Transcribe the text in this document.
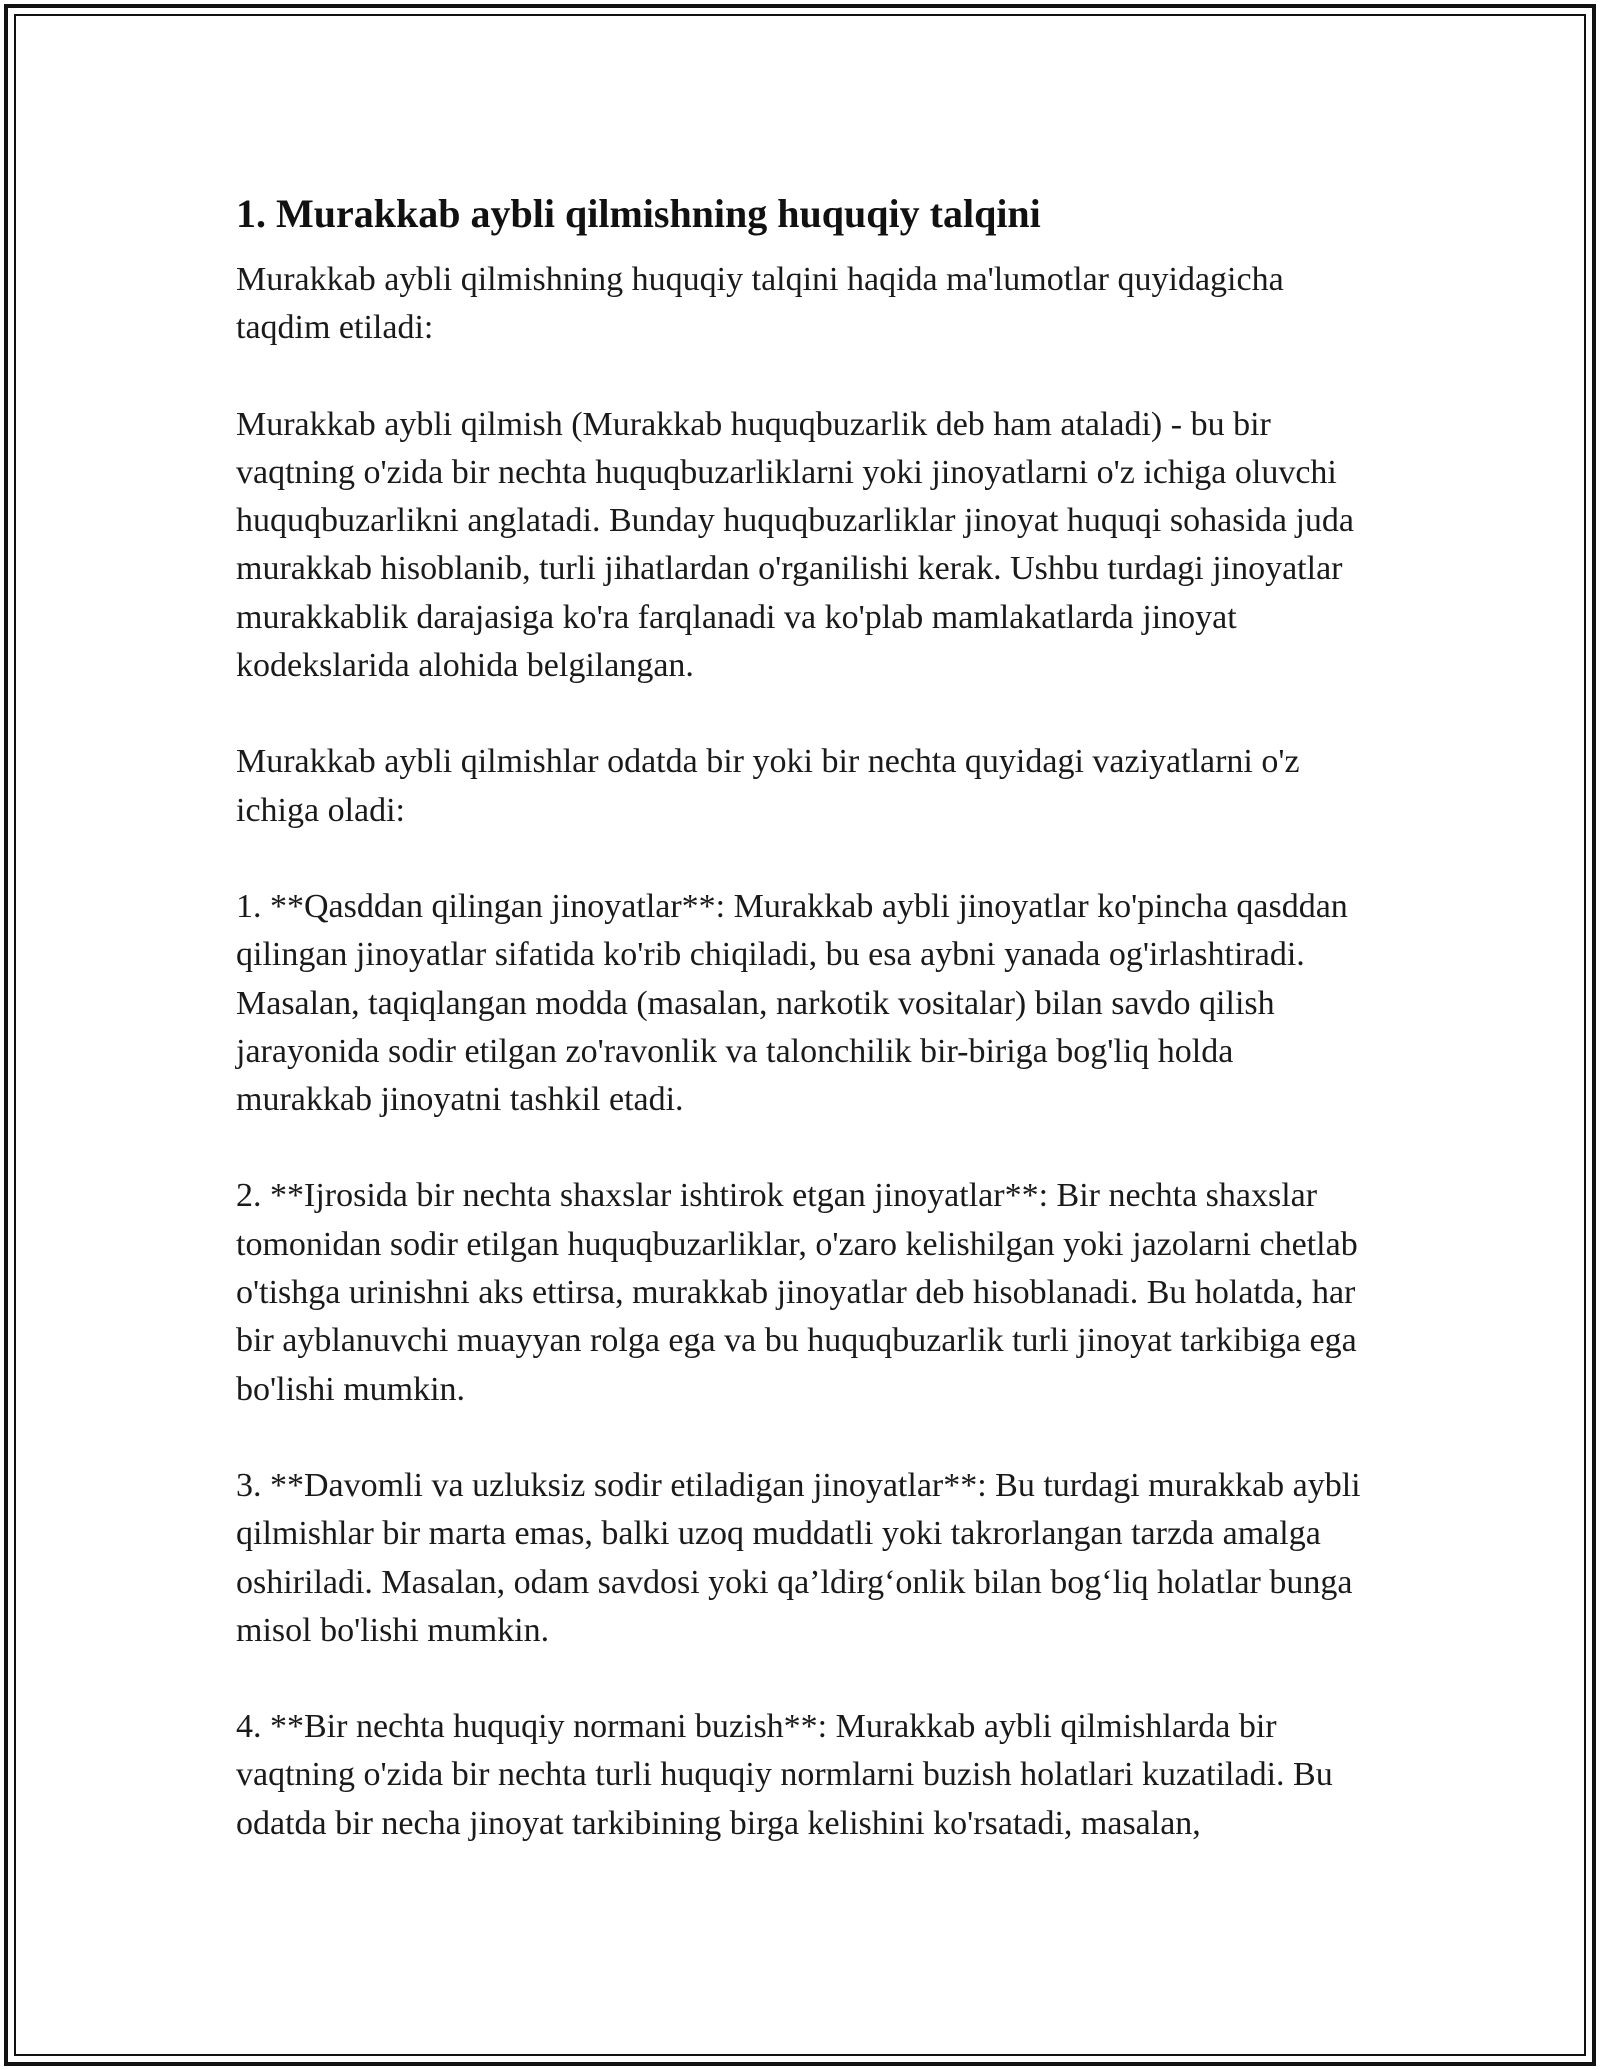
1. Murakkab aybli qilmishning huquqiy talqini

Murakkab aybli qilmishning huquqiy talqini haqida ma'lumotlar quyidagicha taqdim etiladi:

Murakkab aybli qilmish (Murakkab huquqbuzarlik deb ham ataladi) - bu bir vaqtning o'zida bir nechta huquqbuzarliklarni yoki jinoyatlarni o'z ichiga oluvchi huquqbuzarlikni anglatadi. Bunday huquqbuzarliklar jinoyat huquqi sohasida juda murakkab hisoblanib, turli jihatlardan o'rganilishi kerak. Ushbu turdagi jinoyatlar murakkablik darajasiga ko'ra farqlanadi va ko'plab mamlakatlarda jinoyat kodekslarida alohida belgilangan.

Murakkab aybli qilmishlar odatda bir yoki bir nechta quyidagi vaziyatlarni o'z ichiga oladi:

1. **Qasddan qilingan jinoyatlar**: Murakkab aybli jinoyatlar ko'pincha qasddan qilingan jinoyatlar sifatida ko'rib chiqiladi, bu esa aybni yanada og'irlashtiradi. Masalan, taqiqlangan modda (masalan, narkotik vositalar) bilan savdo qilish jarayonida sodir etilgan zo'ravonlik va talonchilik bir-biriga bog'liq holda murakkab jinoyatni tashkil etadi.

2. **Ijrosida bir nechta shaxslar ishtirok etgan jinoyatlar**: Bir nechta shaxslar tomonidan sodir etilgan huquqbuzarliklar, o'zaro kelishilgan yoki jazolarni chetlab o'tishga urinishni aks ettirsa, murakkab jinoyatlar deb hisoblanadi. Bu holatda, har bir ayblanuvchi muayyan rolga ega va bu huquqbuzarlik turli jinoyat tarkibiga ega bo'lishi mumkin.

3. **Davomli va uzluksiz sodir etiladigan jinoyatlar**: Bu turdagi murakkab aybli qilmishlar bir marta emas, balki uzoq muddatli yoki takrorlangan tarzda amalga oshiriladi. Masalan, odam savdosi yoki qa’ldirg‘onlik bilan bog‘liq holatlar bunga misol bo'lishi mumkin.

4. **Bir nechta huquqiy normani buzish**: Murakkab aybli qilmishlarda bir vaqtning o'zida bir nechta turli huquqiy normlarni buzish holatlari kuzatiladi. Bu odatda bir necha jinoyat tarkibining birga kelishini ko'rsatadi, masalan,
